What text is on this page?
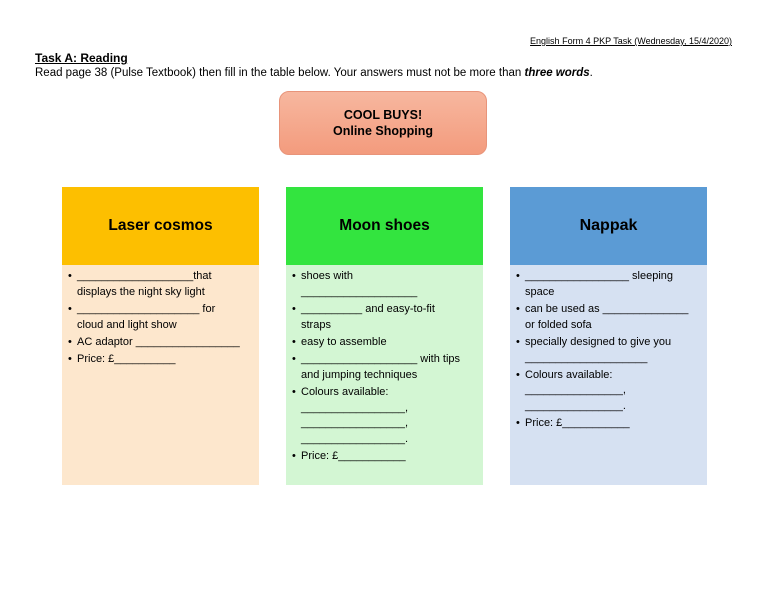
English Form 4 PKP Task (Wednesday, 15/4/2020)
Task A: Reading
Read page 38 (Pulse Textbook) then fill in the table below. Your answers must not be more than three words.
COOL BUYS!
Online Shopping
Laser cosmos
• ___________________that
displays the night sky light
• ____________________ for
cloud and light show
• AC adaptor _________________
• Price: £__________
Moon shoes
• shoes with
___________________
• __________ and easy-to-fit
straps
• easy to assemble
• ___________________ with tips
and jumping techniques
• Colours available:
_________________,
_________________,
_________________.
• Price: £___________
Nappak
• _________________ sleeping
space
• can be used as ______________
or folded sofa
• specially designed to give you
____________________
• Colours available:
________________,
________________.
• Price: £___________
